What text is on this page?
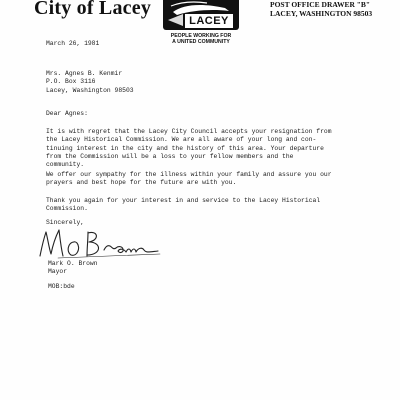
City of Lacey
LACEY
PEOPLE WORKING FOR
A UNITED COMMUNITY
POST OFFICE DRAWER "B"
LACEY, WASHINGTON 98503
March 26, 1981
Mrs. Agnes B. Kenmir
P.O. Box 3116
Lacey, Washington 98503
Dear Agnes:
It is with regret that the Lacey City Council accepts your resignation from
the Lacey Historical Commission. We are all aware of your long and con-
tinuing interest in the city and the history of this area. Your departure
from the Commission will be a loss to your fellow members and the
community.
We offer our sympathy for the illness within your family and assure you our
prayers and best hope for the future are with you.
Thank you again for your interest in and service to the Lacey Historical
Commission.
Sincerely,
Mark O. Brown
Mayor
MOB:bde
